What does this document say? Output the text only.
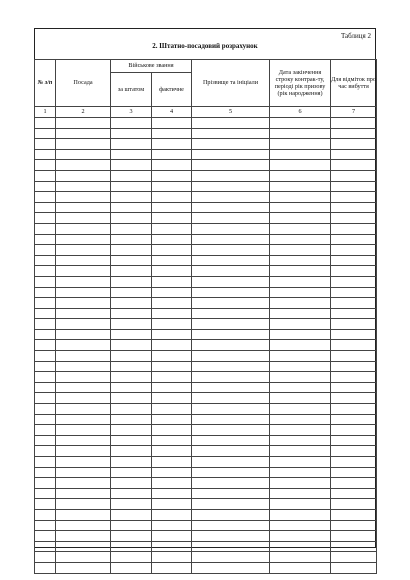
Таблиця 2
2. Штатно-посадовий розрахунок
№ з/п	Посада	Військове звання		Прізвище та ініціали	Дата закінчення строку контрак-ту, періоді рік призову (рік народження)	Для відміток про час вибуття
		за штатом	фактичне			
1	2	3	4	5	6	7
